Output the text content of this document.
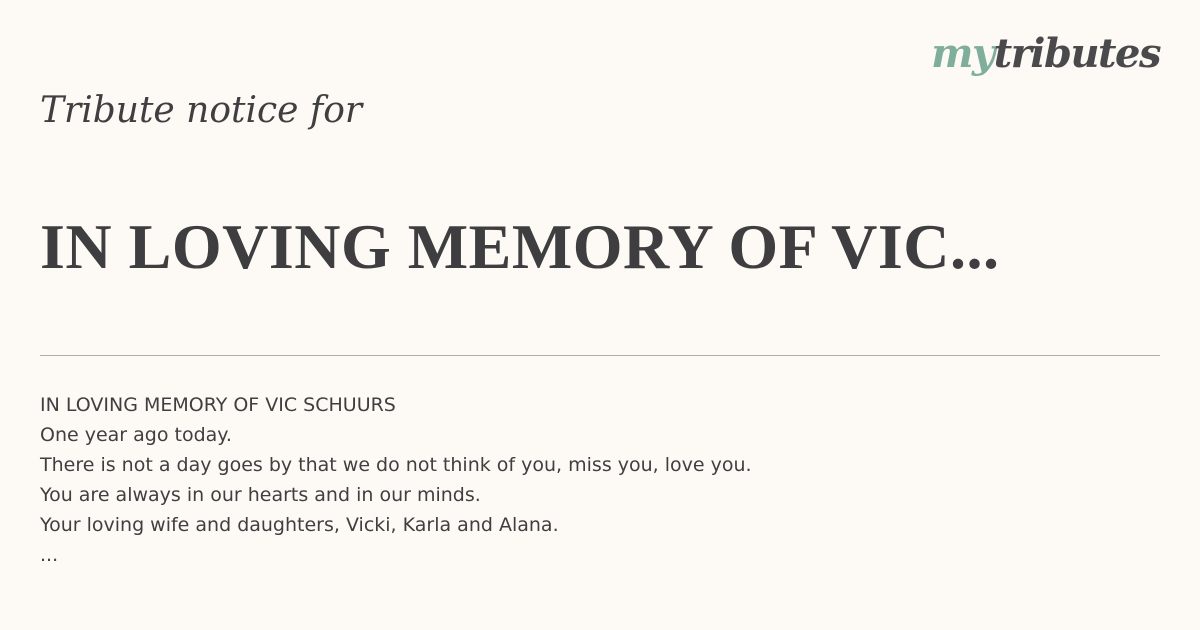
mytributes
Tribute notice for
IN LOVING MEMORY OF VIC...
IN LOVING MEMORY OF VIC SCHUURS
One year ago today.
There is not a day goes by that we do not think of you, miss you, love you.
You are always in our hearts and in our minds.
Your loving wife and daughters, Vicki, Karla and Alana.
...
